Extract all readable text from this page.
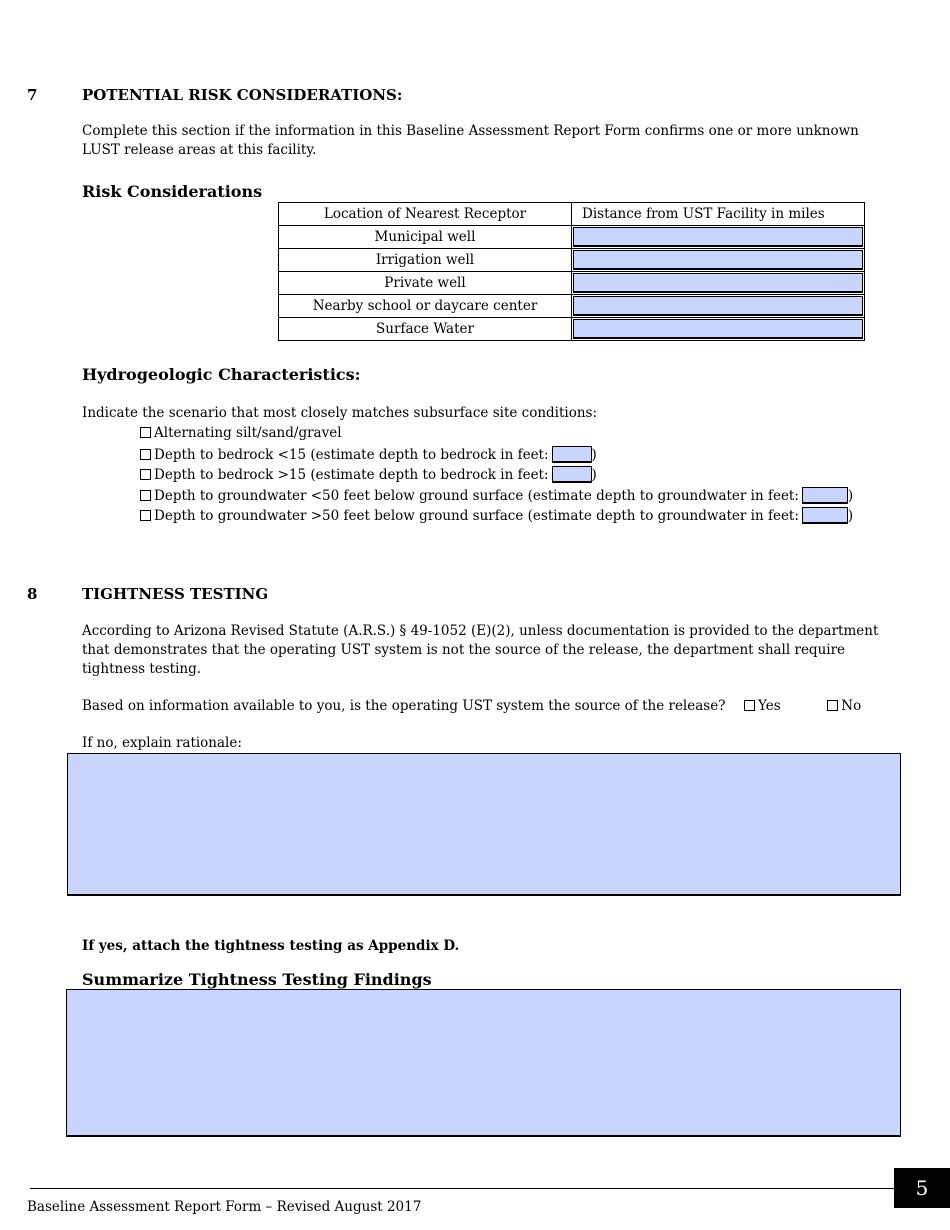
7	POTENTIAL RISK CONSIDERATIONS:
Complete this section if the information in this Baseline Assessment Report Form confirms one or more unknown LUST release areas at this facility.
Risk Considerations
Location of Nearest Receptor	Distance from UST Facility in miles
Municipal well	

Irrigation well	

Private well	

Nearby school or daycare center	

Surface Water	
Hydrogeologic Characteristics:
Indicate the scenario that most closely matches subsurface site conditions:
Alternating silt/sand/gravel
Depth to bedrock <15 (estimate depth to bedrock in feet:	)
Depth to bedrock >15 (estimate depth to bedrock in feet:	)
Depth to groundwater <50 feet below ground surface (estimate depth to groundwater in feet:	)
Depth to groundwater >50 feet below ground surface (estimate depth to groundwater in feet:	)
8	TIGHTNESS TESTING
According to Arizona Revised Statute (A.R.S.) § 49-1052 (E)(2), unless documentation is provided to the department that demonstrates that the operating UST system is not the source of the release, the department shall require tightness testing.
Based on information available to you, is the operating UST system the source of the release? Yes	No
If no, explain rationale:
If yes, attach the tightness testing as Appendix D.
Summarize Tightness Testing Findings
5
Baseline Assessment Report Form – Revised August 2017
